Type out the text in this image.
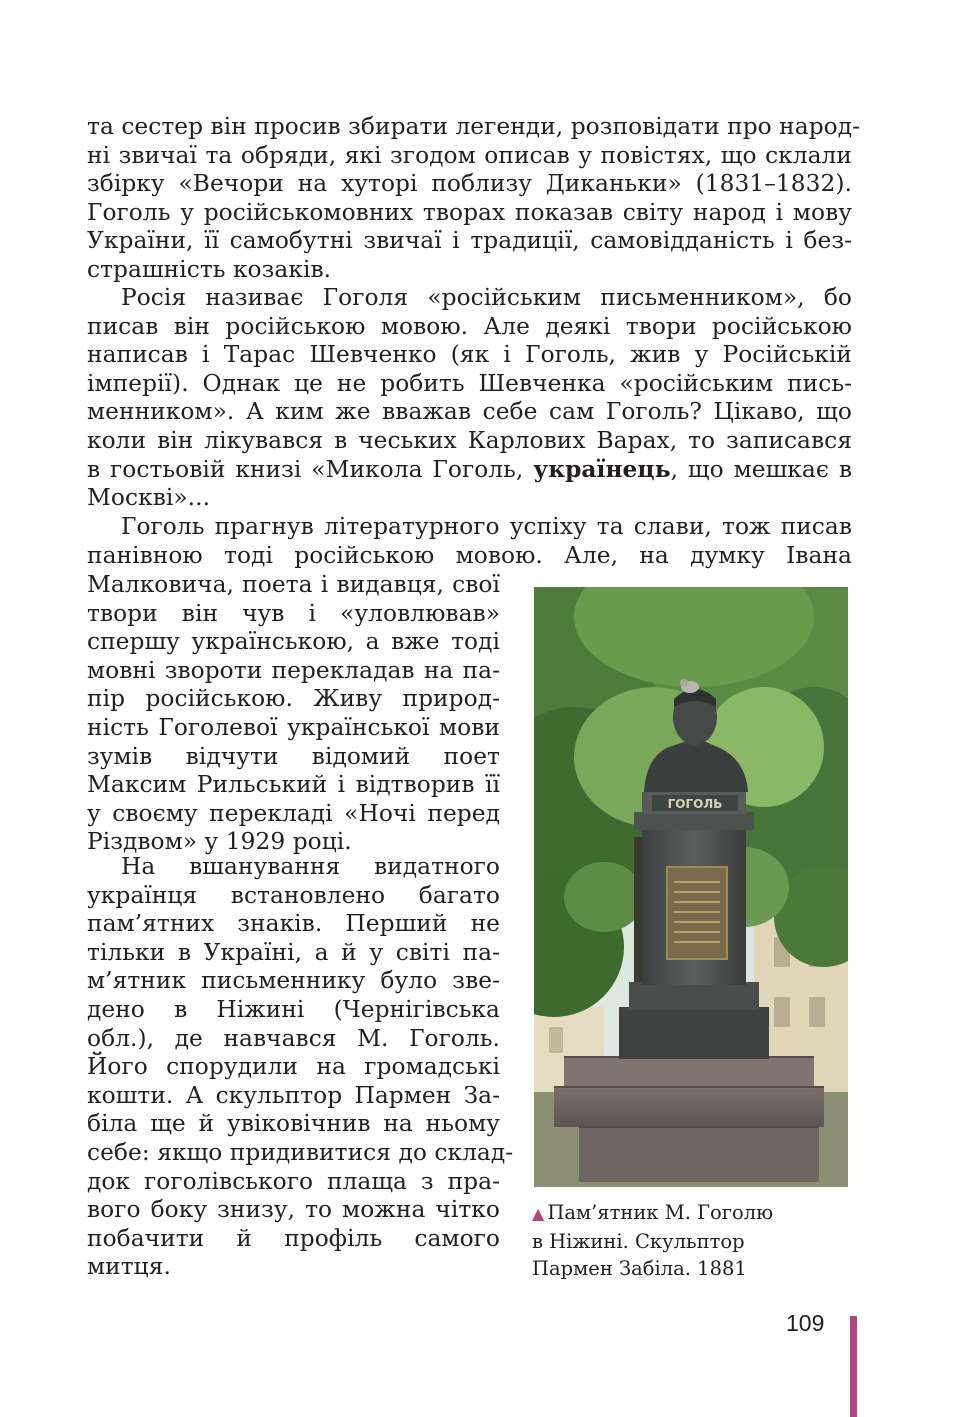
та сестер він просив збирати легенди, розповідати про народ-
ні звичаї та обряди, які згодом описав у повістях, що склали
збірку «Вечори на хуторі поблизу Диканьки» (1831–1832).
Гоголь у російськомовних творах показав світу народ і мову
України, її самобутні звичаї і традиції, самовідданість і без-
страшність козаків.
Росія називає Гоголя «російським письменником», бо
писав він російською мовою. Але деякі твори російською
написав і Тарас Шевченко (як і Гоголь, жив у Російській
імперії). Однак це не робить Шевченка «російським пись-
менником». А ким же вважав себе сам Гоголь? Цікаво, що
коли він лікувався в чеських Карлових Варах, то записався
в гостьовій книзі «Микола Гоголь, українець, що мешкає в
Москві»...
Гоголь прагнув літературного успіху та слави, тож писав
панівною тоді російською мовою. Але, на думку Івана
Малковича, поета і видавця, свої
твори він чув і «уловлював»
спершу українською, а вже тоді
мовні звороти перекладав на па-
пір російською. Живу природ-
ність Гоголевої української мови
зумів відчути відомий поет
Максим Рильський і відтворив її
у своєму перекладі «Ночі перед
Різдвом» у 1929 році.
На вшанування видатного
українця встановлено багато
пам’ятних знаків. Перший не
тільки в Україні, а й у світі па-
м’ятник письменнику було зве-
дено в Ніжині (Чернігівська
обл.), де навчався М. Гоголь.
Його спорудили на громадські
кошти. А скульптор Пармен За-
біла ще й увіковічнив на ньому
себе: якщо придивитися до склад-
док гоголівського плаща з пра-
вого боку знизу, то можна чітко
побачити й профіль самого
митця.
ГОГОЛЬ
▲ Пам’ятник М. Гоголю
в Ніжині. Скульптор
Пармен Забіла. 1881
109
